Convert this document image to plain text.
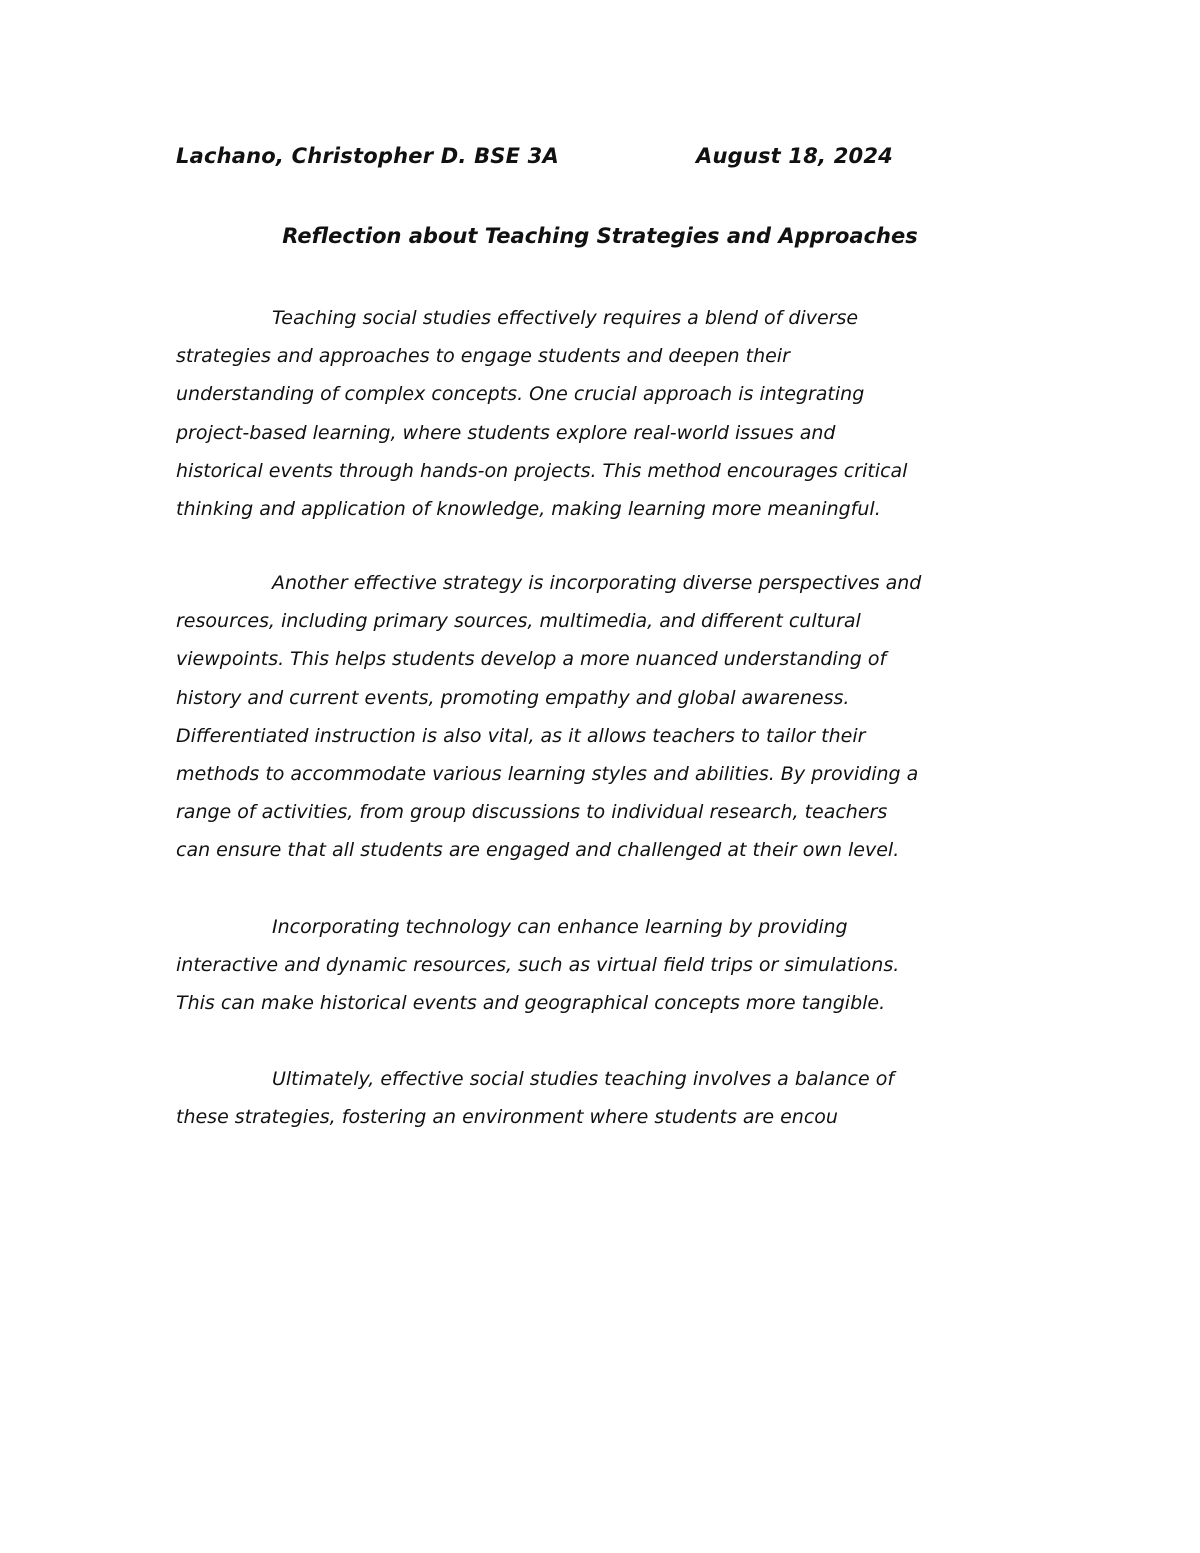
Lachano, Christopher D. BSE 3A	August 18, 2024
Reflection about Teaching Strategies and Approaches
Teaching social studies effectively requires a blend of diverse
strategies and approaches to engage students and deepen their
understanding of complex concepts. One crucial approach is integrating
project-based learning, where students explore real-world issues and
historical events through hands-on projects. This method encourages critical
thinking and application of knowledge, making learning more meaningful.
Another effective strategy is incorporating diverse perspectives and
resources, including primary sources, multimedia, and different cultural
viewpoints. This helps students develop a more nuanced understanding of
history and current events, promoting empathy and global awareness.
Differentiated instruction is also vital, as it allows teachers to tailor their
methods to accommodate various learning styles and abilities. By providing a
range of activities, from group discussions to individual research, teachers
can ensure that all students are engaged and challenged at their own level.
Incorporating technology can enhance learning by providing
interactive and dynamic resources, such as virtual field trips or simulations.
This can make historical events and geographical concepts more tangible.
Ultimately, effective social studies teaching involves a balance of
these strategies, fostering an environment where students are encou
